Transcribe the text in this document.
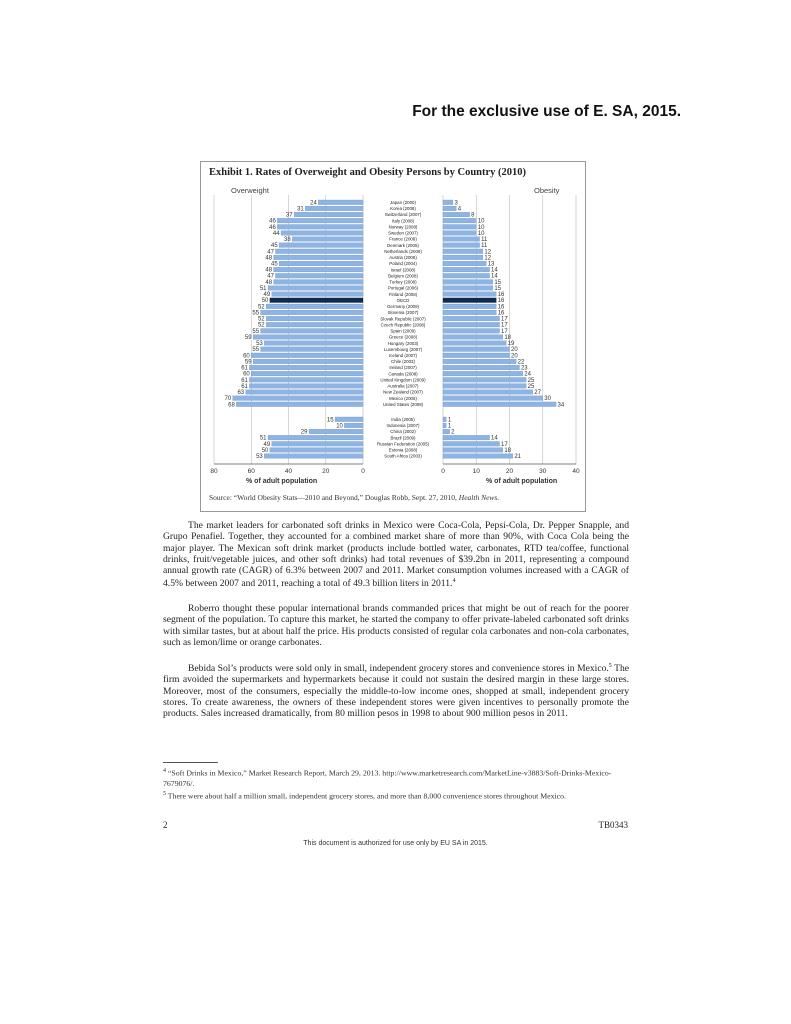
For the exclusive use of E. SA, 2015.
Exhibit 1. Rates of Overweight and Obesity Persons by Country (2010)
Overweight	Obesity
80	60	40	20	0	0	10	20	30	40
% of adult population	% of adult population
24	Japan (2000)	3
31	Korea (2008)	4
37	Switzerland (2007)	8
46	Italy (2008)	10
46	Norway (2008)	10
44	Sweden (2007)	10
38	France (2008)	11
45	Denmark (2005)	11
47	Netherlands (2009)	12
48	Austria (2008)	12
45	Poland (2004)	13
48	Israel (2008)	14
47	Belgium (2008)	14
48	Turkey (2008)	15
51	Portugal (2006)	15
49	Finland (2008)	16
50	OECD	16
52	Germany (2009)	16
55	Slovenia (2007)	16
52	Slovak Republic (2007)	17
52	Czech Republic (2008)	17
55	Spain (2009)	17
59	Greece (2008)	18
53	Hungary (2003)	19
55	Luxembourg (2007)	20
60	Iceland (2007)	20
59	Chile (2003)	22
61	Ireland (2007)	23
60	Canada (2008)	24
61	United Kingdom (2009)	25
61	Australia (2007)	25
63	New Zealand (2007)	27
70	Mexico (2006)	30
68	United States (2008)	34
15	India (2005)	1
10	Indonesia (2007)	1
29	China (2002)	2
51	Brazil (2009)	14
49	Russian Federation (2005)	17
50	Estonia (2008)	18
53	South Africa (2003)	21
Source: “World Obesity Stats—2010 and Beyond,” Douglas Robb, Sept. 27, 2010, Health News.

The market leaders for carbonated soft drinks in Mexico were Coca-Cola, Pepsi-Cola, Dr. Pepper Snapple, and Grupo Penafiel. Together, they accounted for a combined market share of more than 90%, with Coca Cola being the major player. The Mexican soft drink market (products include bottled water, carbonates, RTD tea/coffee, functional drinks, fruit/vegetable juices, and other soft drinks) had total revenues of $39.2bn in 2011, representing a compound annual growth rate (CAGR) of 6.3% between 2007 and 2011. Market consumption volumes increased with a CAGR of 4.5% between 2007 and 2011, reaching a total of 49.3 billion liters in 2011.$^4$

Roberro thought these popular international brands commanded prices that might be out of reach for the poorer segment of the population. To capture this market, he started the company to offer private-labeled carbonated soft drinks with similar tastes, but at about half the price. His products consisted of regular cola carbonates and non-cola carbonates, such as lemon/lime or orange carbonates.

Bebida Sol’s products were sold only in small, independent grocery stores and convenience stores in Mexico.$^5$ The firm avoided the supermarkets and hypermarkets because it could not sustain the desired margin in these large stores. Moreover, most of the consumers, especially the middle-to-low income ones, shopped at small, independent grocery stores. To create awareness, the owners of these independent stores were given incentives to personally promote the products. Sales increased dramatically, from 80 million pesos in 1998 to about 900 million pesos in 2011.

$^4$ “Soft Drinks in Mexico,” Market Research Report, March 29, 2013. http://www.marketresearch.com/MarketLine-v3883/Soft-Drinks-Mexico-7679076/.

$^5$ There were about half a million small, independent grocery stores, and more than 8,000 convenience stores throughout Mexico.

2	TB0343
This document is authorized for use only by EU SA in 2015.
